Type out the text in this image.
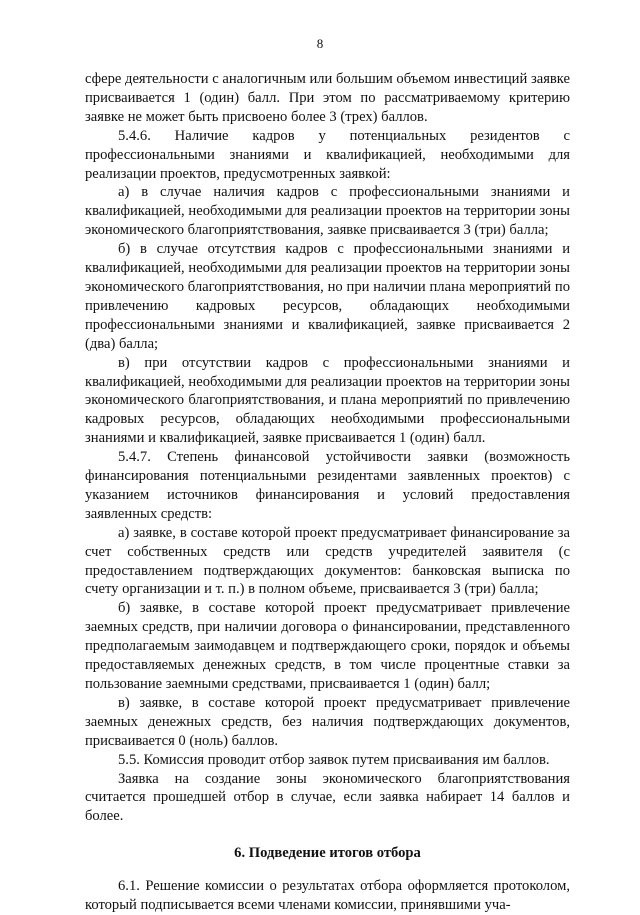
8

сфере деятельности с аналогичным или большим объемом инвестиций заявке присваивается 1 (один) балл. При этом по рассматриваемому критерию заявке не может быть присвоено более 3 (трех) баллов.

5.4.6. Наличие кадров у потенциальных резидентов с профессиональными знаниями и квалификацией, необходимыми для реализации проектов, предусмотренных заявкой:

а) в случае наличия кадров с профессиональными знаниями и квалификацией, необходимыми для реализации проектов на территории зоны экономического благоприятствования, заявке присваивается 3 (три) балла;

б) в случае отсутствия кадров с профессиональными знаниями и квалификацией, необходимыми для реализации проектов на территории зоны экономического благоприятствования, но при наличии плана мероприятий по привлечению кадровых ресурсов, обладающих необходимыми профессиональными знаниями и квалификацией, заявке присваивается 2 (два) балла;

в) при отсутствии кадров с профессиональными знаниями и квалификацией, необходимыми для реализации проектов на территории зоны экономического благоприятствования, и плана мероприятий по привлечению кадровых ресурсов, обладающих необходимыми профессиональными знаниями и квалификацией, заявке присваивается 1 (один) балл.

5.4.7. Степень финансовой устойчивости заявки (возможность финансирования потенциальными резидентами заявленных проектов) с указанием источников финансирования и условий предоставления заявленных средств:

а) заявке, в составе которой проект предусматривает финансирование за счет собственных средств или средств учредителей заявителя (с предоставлением подтверждающих документов: банковская выписка по счету организации и т. п.) в полном объеме, присваивается 3 (три) балла;

б) заявке, в составе которой проект предусматривает привлечение заемных средств, при наличии договора о финансировании, представленного предполагаемым заимодавцем и подтверждающего сроки, порядок и объемы предоставляемых денежных средств, в том числе процентные ставки за пользование заемными средствами, присваивается 1 (один) балл;

в) заявке, в составе которой проект предусматривает привлечение заемных денежных средств, без наличия подтверждающих документов, присваивается 0 (ноль) баллов.

5.5. Комиссия проводит отбор заявок путем присваивания им баллов.

Заявка на создание зоны экономического благоприятствования считается прошедшей отбор в случае, если заявка набирает 14 баллов и более.

6. Подведение итогов отбора

6.1. Решение комиссии о результатах отбора оформляется протоколом, который подписывается всеми членами комиссии, принявшими уча-
